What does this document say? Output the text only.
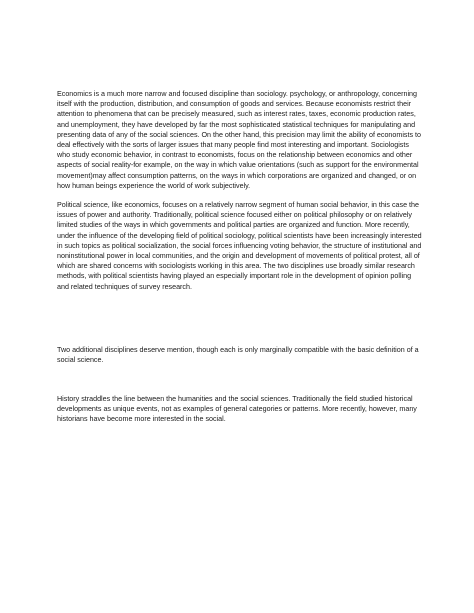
Economics is a much more narrow and focused discipline than sociology. psychology, or anthropology, concerning itself with the production, distribution, and consumption of goods and services. Because economists restrict their attention to phenomena that can be precisely measured, such as interest rates, taxes, economic production rates, and unemployment, they have developed by far the most sophisticated statistical techniques for manipulating and presenting data of any of the social sciences. On the other hand, this precision may limit the ability of economists to deal effectively with the sorts of larger issues that many people find most interesting and important. Sociologists who study economic behavior, in contrast to economists, focus on the relationship between economics and other aspects of social reality-for example, on the way in which value orientations (such as support for the environmental movement)may affect consumption patterns, on the ways in which corporations are organized and changed, or on how human beings experience the world of work subjectively.

Political science, like economics, focuses on a relatively narrow segment of human social behavior, in this case the issues of power and authority. Traditionally, political science focused either on political philosophy or on relatively limited studies of the ways in which governments and political parties are organized and function. More recently, under the influence of the developing field of political sociology, political scientists have been increasingly interested in such topics as political socialization, the social forces influencing voting behavior, the structure of institutional and noninstitutional power in local communities, and the origin and development of movements of political protest, all of which are shared concerns with sociologists working in this area. The two disciplines use broadly similar research methods, with political scientists having played an especially important role in the development of opinion polling and related techniques of survey research.

Two additional disciplines deserve mention, though each is only marginally compatible with the basic definition of a social science.

History straddles the line between the humanities and the social sciences. Traditionally the field studied historical developments as unique events, not as examples of general categories or patterns. More recently, however, many historians have become more interested in the social.
